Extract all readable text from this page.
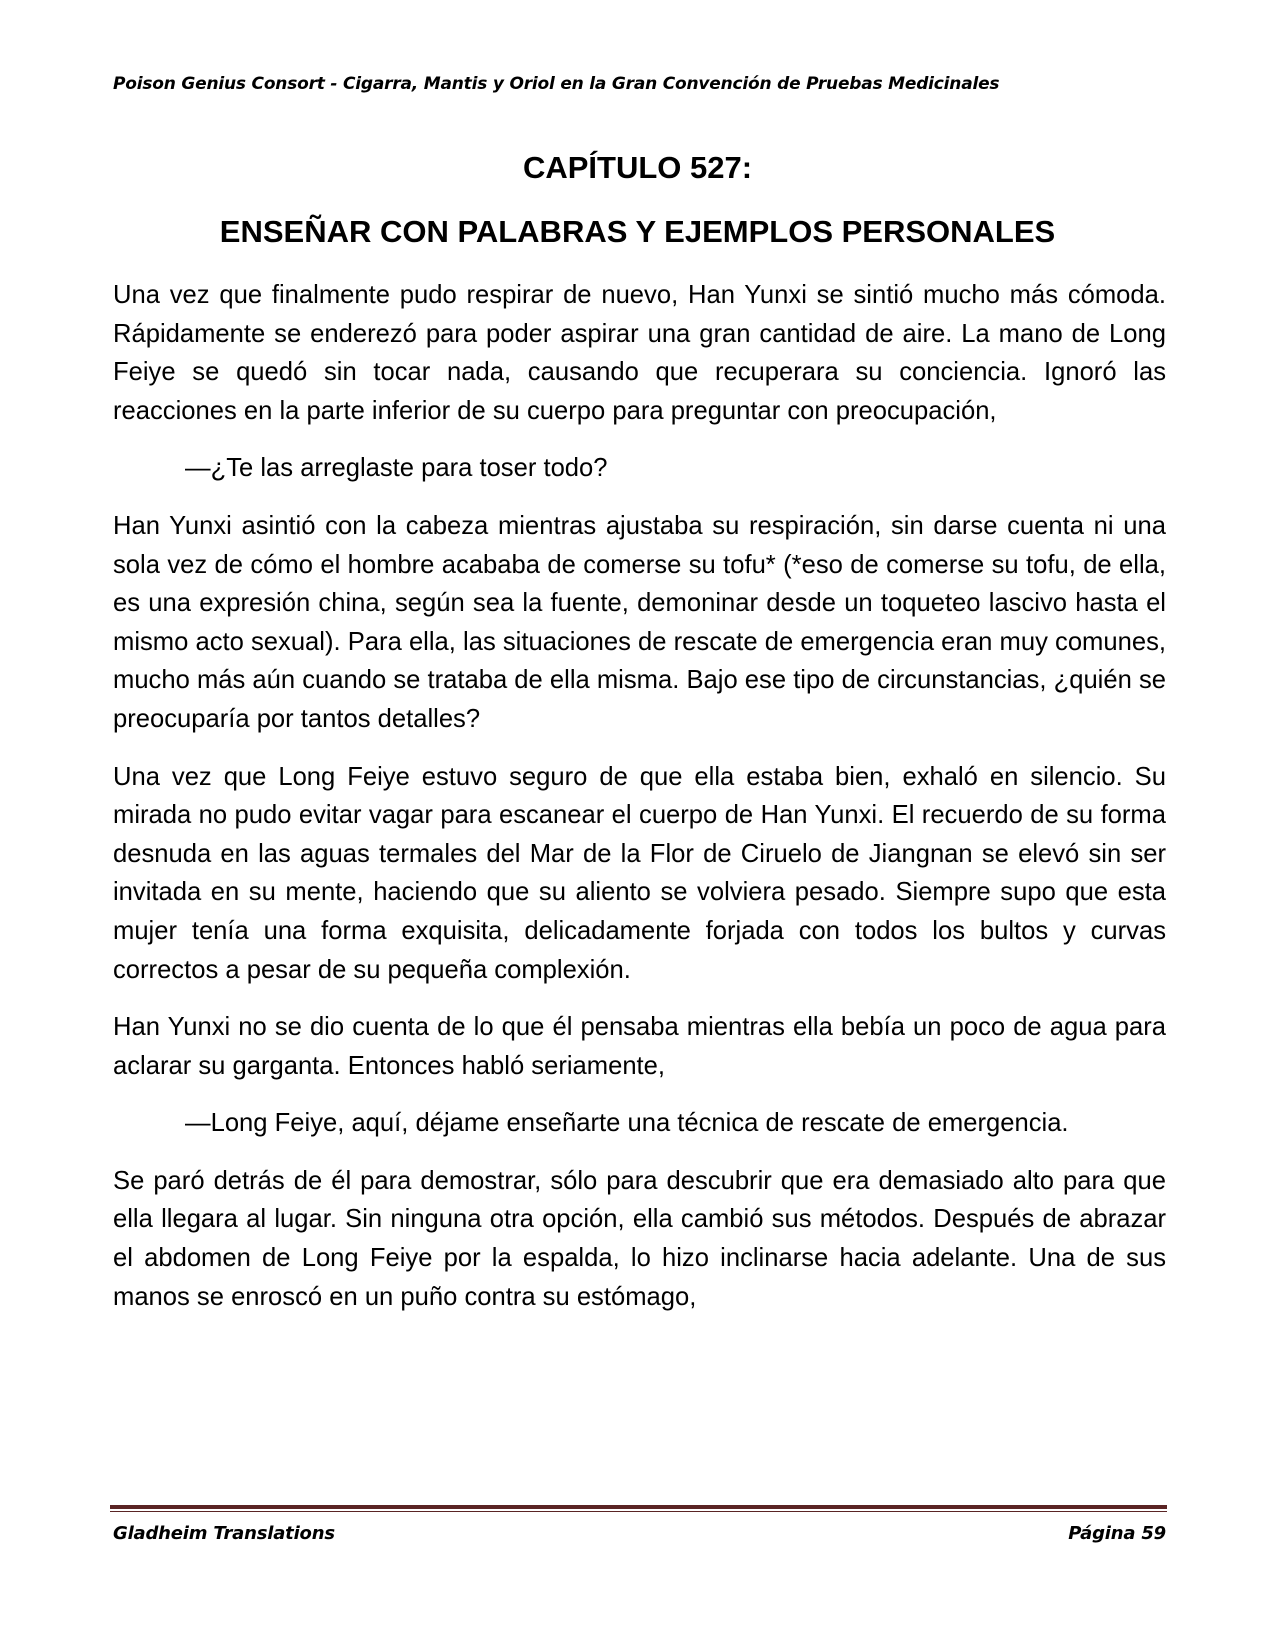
Poison Genius Consort - Cigarra, Mantis y Oriol en la Gran Convención de Pruebas Medicinales
CAPÍTULO 527:
ENSEÑAR CON PALABRAS Y EJEMPLOS PERSONALES

Una vez que finalmente pudo respirar de nuevo, Han Yunxi se sintió mucho más cómoda. Rápidamente se enderezó para poder aspirar una gran cantidad de aire. La mano de Long Feiye se quedó sin tocar nada, causando que recuperara su conciencia. Ignoró las reacciones en la parte inferior de su cuerpo para preguntar con preocupación,

—¿Te las arreglaste para toser todo?

Han Yunxi asintió con la cabeza mientras ajustaba su respiración, sin darse cuenta ni una sola vez de cómo el hombre acababa de comerse su tofu* (*eso de comerse su tofu, de ella, es una expresión china, según sea la fuente, demoninar desde un toqueteo lascivo hasta el mismo acto sexual). Para ella, las situaciones de rescate de emergencia eran muy comunes, mucho más aún cuando se trataba de ella misma. Bajo ese tipo de circunstancias, ¿quién se preocuparía por tantos detalles?

Una vez que Long Feiye estuvo seguro de que ella estaba bien, exhaló en silencio. Su mirada no pudo evitar vagar para escanear el cuerpo de Han Yunxi. El recuerdo de su forma desnuda en las aguas termales del Mar de la Flor de Ciruelo de Jiangnan se elevó sin ser invitada en su mente, haciendo que su aliento se volviera pesado. Siempre supo que esta mujer tenía una forma exquisita, delicadamente forjada con todos los bultos y curvas correctos a pesar de su pequeña complexión.

Han Yunxi no se dio cuenta de lo que él pensaba mientras ella bebía un poco de agua para aclarar su garganta. Entonces habló seriamente,

—Long Feiye, aquí, déjame enseñarte una técnica de rescate de emergencia.

Se paró detrás de él para demostrar, sólo para descubrir que era demasiado alto para que ella llegara al lugar. Sin ninguna otra opción, ella cambió sus métodos. Después de abrazar el abdomen de Long Feiye por la espalda, lo hizo inclinarse hacia adelante. Una de sus manos se enroscó en un puño contra su estómago,

Gladheim Translations	Página 59
